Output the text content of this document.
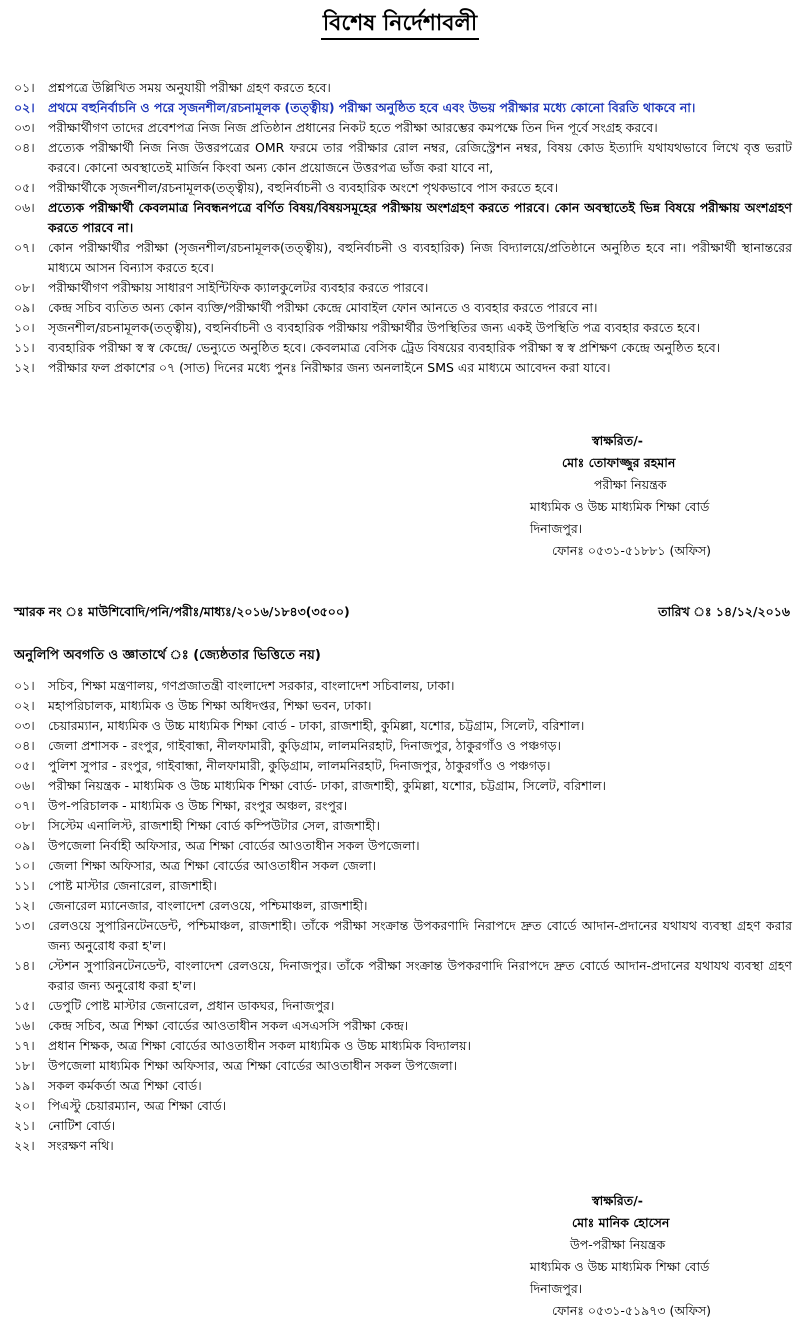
বিশেষ নির্দেশাবলী
০১।	প্রশ্নপত্রে উল্লিখিত সময় অনুযায়ী পরীক্ষা গ্রহণ করতে হবে।
০২।	প্রথমে বহুনির্বাচনি ও পরে সৃজনশীল/রচনামূলক (তত্ত্বীয়) পরীক্ষা অনুষ্ঠিত হবে এবং উভয় পরীক্ষার মধ্যে কোনো বিরতি থাকবে না।
০৩।	পরীক্ষার্থীগণ তাদের প্রবেশপত্র নিজ নিজ প্রতিষ্ঠান প্রধানের নিকট হতে পরীক্ষা আরম্ভের কমপক্ষে তিন দিন পূর্বে সংগ্রহ করবে।
০৪।	প্রত্যেক পরীক্ষার্থী নিজ নিজ উত্তরপত্রের OMR ফরমে তার পরীক্ষার রোল নম্বর, রেজিস্ট্রেশন নম্বর, বিষয় কোড ইত্যাদি যথাযথভাবে লিখে বৃত্ত ভরাট করবে। কোনো অবস্থাতেই মার্জিন কিংবা অন্য কোন প্রয়োজনে উত্তরপত্র ভাঁজ করা যাবে না,
০৫।	পরীক্ষার্থীকে সৃজনশীল/রচনামূলক(তত্ত্বীয়), বহুনির্বাচনী ও ব্যবহারিক অংশে পৃথকভাবে পাস করতে হবে।
০৬।	প্রত্যেক পরীক্ষার্থী কেবলমাত্র নিবন্ধনপত্রে বর্ণিত বিষয়/বিষয়সমূহের পরীক্ষায় অংশগ্রহণ করতে পারবে। কোন অবস্থাতেই ভিন্ন বিষয়ে পরীক্ষায় অংশগ্রহণ করতে পারবে না।
০৭।	কোন পরীক্ষার্থীর পরীক্ষা (সৃজনশীল/রচনামূলক(তত্ত্বীয়), বহুনির্বাচনী ও ব্যবহারিক) নিজ বিদ্যালয়ে/প্রতিষ্ঠানে অনুষ্ঠিত হবে না। পরীক্ষার্থী স্থানান্তরের মাধ্যমে আসন বিন্যাস করতে হবে।
০৮।	পরীক্ষার্থীগণ পরীক্ষায় সাধারণ সাইন্টিফিক ক্যালকুলেটর ব্যবহার করতে পারবে।
০৯।	কেন্দ্র সচিব ব্যতিত অন্য কোন ব্যক্তি/পরীক্ষার্থী পরীক্ষা কেন্দ্রে মোবাইল ফোন আনতে ও ব্যবহার করতে পারবে না।
১০।	সৃজনশীল/রচনামূলক(তত্ত্বীয়), বহুনির্বাচনী ও ব্যবহারিক পরীক্ষায় পরীক্ষার্থীর উপস্থিতির জন্য একই উপস্থিতি পত্র ব্যবহার করতে হবে।
১১।	ব্যবহারিক পরীক্ষা স্ব স্ব কেন্দ্রে/ ভেন্যুতে অনুষ্ঠিত হবে। কেবলমাত্র বেসিক ট্রেড বিষয়ের ব্যবহারিক পরীক্ষা স্ব স্ব প্রশিক্ষণ কেন্দ্রে অনুষ্ঠিত হবে।
১২।	পরীক্ষার ফল প্রকাশের ০৭ (সাত) দিনের মধ্যে পুনঃ নিরীক্ষার জন্য অনলাইনে SMS এর মাধ্যমে আবেদন করা যাবে।
স্বাক্ষরিত/-
মোঃ তোফাজ্জুর রহমান
পরীক্ষা নিয়ন্ত্রক
মাধ্যমিক ও উচ্চ মাধ্যমিক শিক্ষা বোর্ড
দিনাজপুর।
ফোনঃ ০৫৩১-৫১৮৮১ (অফিস)
স্মারক নং ঃ মাউশিবোদি/পনি/পরীঃ/মাধ্যঃ/২০১৬/১৮৪৩(৩৫০০)	তারিখ ঃ ১৪/১২/২০১৬
অনুলিপি অবগতি ও জ্ঞাতার্থে ঃ (জ্যেষ্ঠতার ভিত্তিতে নয়)
০১।	সচিব, শিক্ষা মন্ত্রণালয়, গণপ্রজাতন্ত্রী বাংলাদেশ সরকার, বাংলাদেশ সচিবালয়, ঢাকা।
০২।	মহাপরিচালক, মাধ্যমিক ও উচ্চ শিক্ষা অধিদপ্তর, শিক্ষা ভবন, ঢাকা।
০৩।	চেয়ারম্যান, মাধ্যমিক ও উচ্চ মাধ্যমিক শিক্ষা বোর্ড - ঢাকা, রাজশাহী, কুমিল্লা, যশোর, চট্টগ্রাম, সিলেট, বরিশাল।
০৪।	জেলা প্রশাসক - রংপুর, গাইবান্ধা, নীলফামারী, কুড়িগ্রাম, লালমনিরহাট, দিনাজপুর, ঠাকুরগাঁও ও পঞ্চগড়।
০৫।	পুলিশ সুপার - রংপুর, গাইবান্ধা, নীলফামারী, কুড়িগ্রাম, লালমনিরহাট, দিনাজপুর, ঠাকুরগাঁও ও পঞ্চগড়।
০৬।	পরীক্ষা নিয়ন্ত্রক - মাধ্যমিক ও উচ্চ মাধ্যমিক শিক্ষা বোর্ড- ঢাকা, রাজশাহী, কুমিল্লা, যশোর, চট্টগ্রাম, সিলেট, বরিশাল।
০৭।	উপ-পরিচালক - মাধ্যমিক ও উচ্চ শিক্ষা, রংপুর অঞ্চল, রংপুর।
০৮।	সিস্টেম এনালিস্ট, রাজশাহী শিক্ষা বোর্ড কম্পিউটার সেল, রাজশাহী।
০৯।	উপজেলা নির্বাহী অফিসার, অত্র শিক্ষা বোর্ডের আওতাধীন সকল উপজেলা।
১০।	জেলা শিক্ষা অফিসার, অত্র শিক্ষা বোর্ডের আওতাধীন সকল জেলা।
১১।	পোষ্ট মাস্টার জেনারেল, রাজশাহী।
১২।	জেনারেল ম্যানেজার, বাংলাদেশ রেলওয়ে, পশ্চিমাঞ্চল, রাজশাহী।
১৩।	রেলওয়ে সুপারিনটেনডেন্ট, পশ্চিমাঞ্চল, রাজশাহী। তাঁকে পরীক্ষা সংক্রান্ত উপকরণাদি নিরাপদে দ্রুত বোর্ডে আদান-প্রদানের যথাযথ ব্যবস্থা গ্রহণ করার জন্য অনুরোধ করা হ'ল।
১৪।	স্টেশন সুপারিনটেনডেন্ট, বাংলাদেশ রেলওয়ে, দিনাজপুর। তাঁকে পরীক্ষা সংক্রান্ত উপকরণাদি নিরাপদে দ্রুত বোর্ডে আদান-প্রদানের যথাযথ ব্যবস্থা গ্রহণ করার জন্য অনুরোধ করা হ'ল।
১৫।	ডেপুটি পোষ্ট মাস্টার জেনারেল, প্রধান ডাকঘর, দিনাজপুর।
১৬।	কেন্দ্র সচিব, অত্র শিক্ষা বোর্ডের আওতাধীন সকল এসএসসি পরীক্ষা কেন্দ্র।
১৭।	প্রধান শিক্ষক, অত্র শিক্ষা বোর্ডের আওতাধীন সকল মাধ্যমিক ও উচ্চ মাধ্যমিক বিদ্যালয়।
১৮।	উপজেলা মাধ্যমিক শিক্ষা অফিসার, অত্র শিক্ষা বোর্ডের আওতাধীন সকল উপজেলা।
১৯।	সকল কর্মকর্তা অত্র শিক্ষা বোর্ড।
২০।	পিএস্টু চেয়ারম্যান, অত্র শিক্ষা বোর্ড।
২১।	নোটিশ বোর্ড।
২২।	সংরক্ষণ নথি।
স্বাক্ষরিত/-
মোঃ মানিক হোসেন
উপ-পরীক্ষা নিয়ন্ত্রক
মাধ্যমিক ও উচ্চ মাধ্যমিক শিক্ষা বোর্ড
দিনাজপুর।
ফোনঃ ০৫৩১-৫১৯৭৩ (অফিস)
